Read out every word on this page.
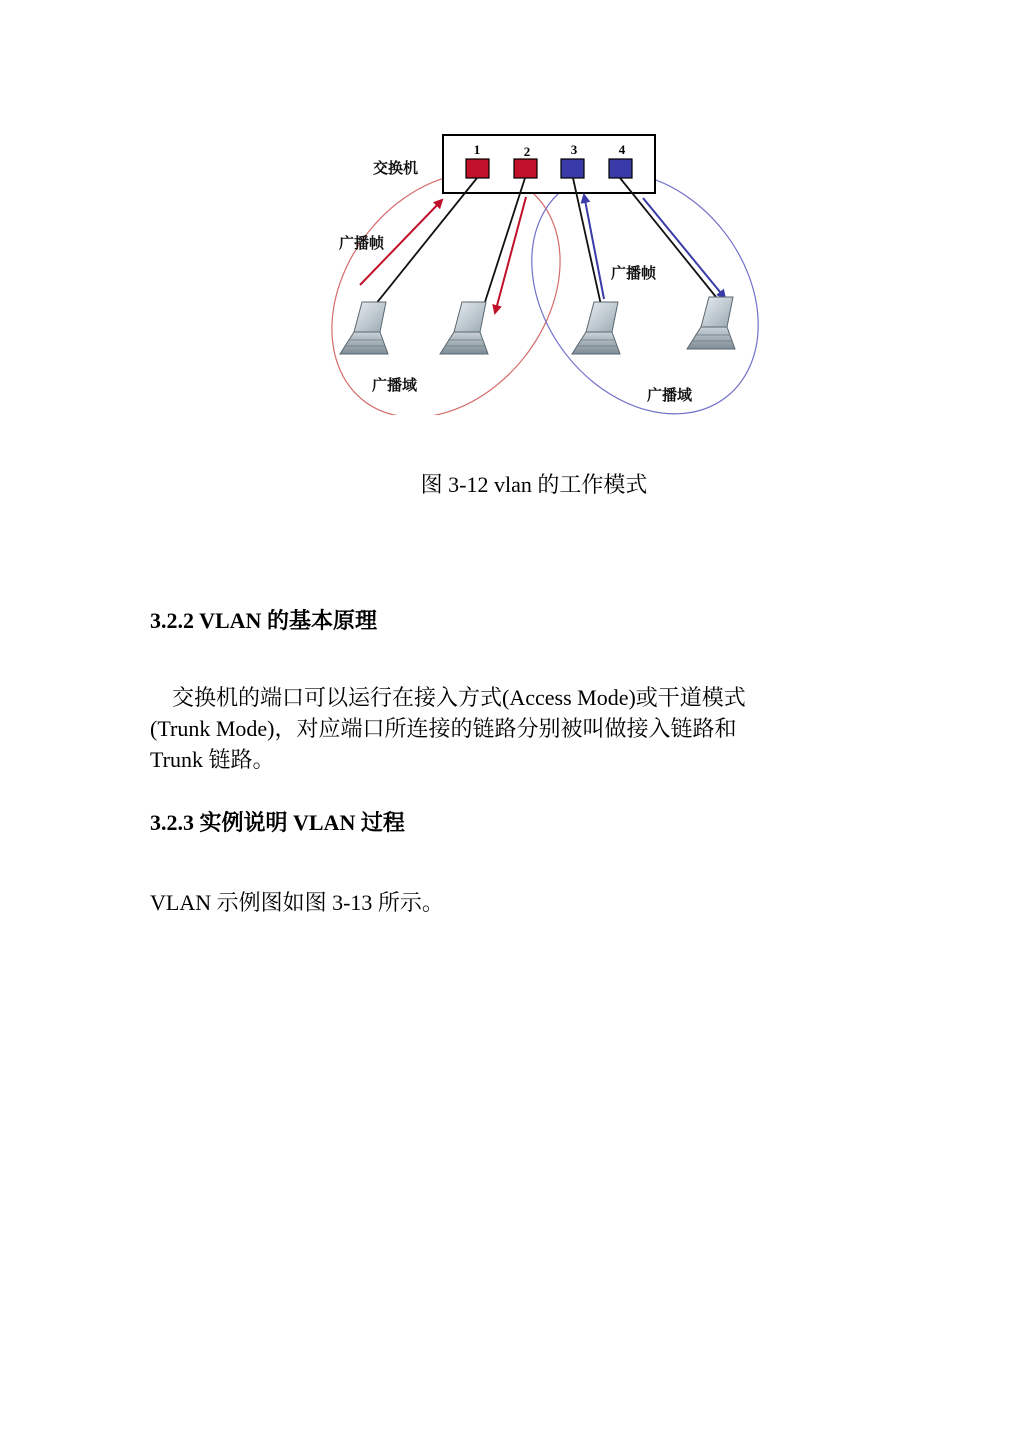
1	2	3	4
交换机
广播帧
广播帧
广播域
广播域
图 3-12 vlan 的工作模式
3.2.2 VLAN 的基本原理
交换机的端口可以运行在接入方式(Access Mode)或干道模式
(Trunk Mode)，对应端口所连接的链路分别被叫做接入链路和
Trunk 链路。
3.2.3 实例说明 VLAN 过程
VLAN 示例图如图 3-13 所示。
